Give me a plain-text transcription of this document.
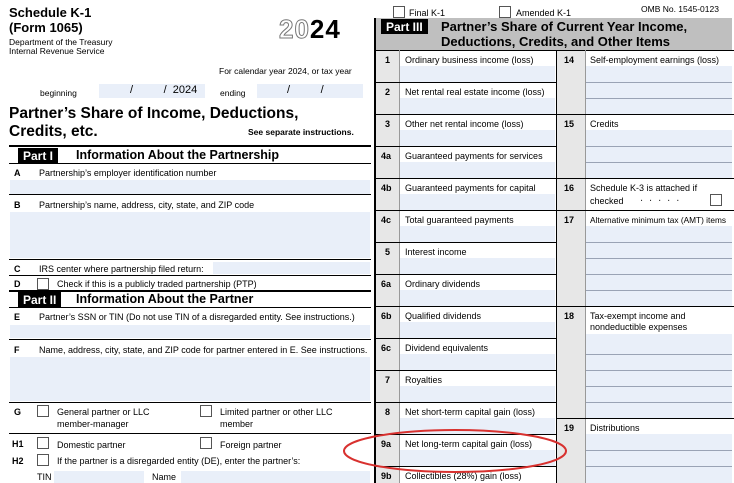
Schedule K-1
(Form 1065)
Department of the Treasury
Internal Revenue Service
2024
For calendar year 2024, or tax year
beginning	/          /  2024	ending	/          /
Partner’s Share of Income, Deductions,
Credits, etc.	See separate instructions.
Part I	Information About the Partnership
A Partnership’s employer identification number
B Partnership’s name, address, city, state, and ZIP code
C IRS center where partnership filed return:
D	Check if this is a publicly traded partnership (PTP)
Part II	Information About the Partner
E Partner’s SSN or TIN (Do not use TIN of a disregarded entity. See instructions.)
F Name, address, city, state, and ZIP code for partner entered in E. See instructions.
G	General partner or LLC
member-manager
Limited partner or other LLC
member
H1	Domestic partner	Foreign partner
H2	If the partner is a disregarded entity (DE), enter the partner’s:
TIN	Name
Final K-1	Amended K-1	OMB No. 1545-0123
Part III	Partner’s Share of Current Year Income,
Deductions, Credits, and Other Items
1 Ordinary business income (loss)
2 Net rental real estate income (loss)
3 Other net rental income (loss)
4a Guaranteed payments for services
4b Guaranteed payments for capital
4c Total guaranteed payments
5 Interest income
6a Ordinary dividends
6b Qualified dividends
6c Dividend equivalents
7 Royalties
8 Net short-term capital gain (loss)
9a Net long-term capital gain (loss)
9b Collectibles (28%) gain (loss)
14 Self-employment earnings (loss)
15 Credits
16 Schedule K-3 is attached if
checked .....
17 Alternative minimum tax (AMT) items
18 Tax-exempt income and
nondeductible expenses
19 Distributions
